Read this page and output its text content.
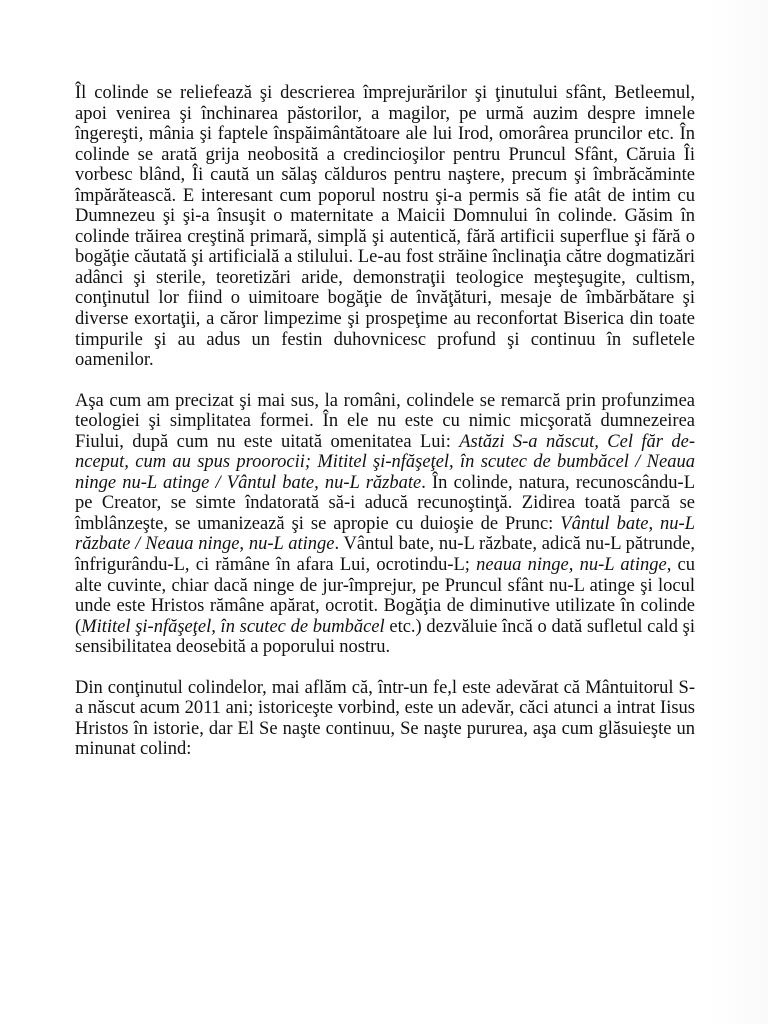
Îl colinde se reliefează şi descrierea împrejurărilor şi ţinutului sfânt, Betleemul, apoi venirea şi închinarea păstorilor, a magilor, pe urmă auzim despre imnele îngereşti, mânia şi faptele înspăimântătoare ale lui Irod, omorârea pruncilor etc. În colinde se arată grija neobosită a credincioşilor pentru Pruncul Sfânt, Căruia Îi vorbesc blând, Îi caută un sălaş călduros pentru naştere, precum şi îmbrăcăminte împărătească. E interesant cum poporul nostru şi-a permis să fie atât de intim cu Dumnezeu şi şi-a însuşit o maternitate a Maicii Domnului în colinde. Găsim în colinde trăirea creştină primară, simplă şi autentică, fără artificii superflue şi fără o bogăţie căutată şi artificială a stilului. Le-au fost străine înclinaţia către dogmatizări adânci şi sterile, teoretizări aride, demonstraţii teologice meşteşugite, cultism, conţinutul lor fiind o uimitoare bogăţie de învăţături, mesaje de îmbărbătare şi diverse exortaţii, a căror limpezime şi prospeţime au reconfortat Biserica din toate timpurile şi au adus un festin duhovnicesc profund şi continuu în sufletele oamenilor.

Aşa cum am precizat şi mai sus, la români, colindele se remarcă prin profunzimea teologiei şi simplitatea formei. În ele nu este cu nimic micşorată dumnezeirea Fiului, după cum nu este uitată omenitatea Lui: Astăzi S-a născut, Cel făr de-nceput, cum au spus proorocii; Mititel şi-nfăşeţel, în scutec de bumbăcel / Neaua ninge nu-L atinge / Vântul bate, nu-L răzbate. În colinde, natura, recunoscându-L pe Creator, se simte îndatorată să-i aducă recunoştinţă. Zidirea toată parcă se îmblânzeşte, se umanizează şi se apropie cu duioşie de Prunc: Vântul bate, nu-L răzbate / Neaua ninge, nu-L atinge. Vântul bate, nu-L răzbate, adică nu-L pătrunde, înfrigurându-L, ci rămâne în afara Lui, ocrotindu-L; neaua ninge, nu-L atinge, cu alte cuvinte, chiar dacă ninge de jur-împrejur, pe Pruncul sfânt nu-L atinge şi locul unde este Hristos rămâne apărat, ocrotit. Bogăţia de diminutive utilizate în colinde (Mititel şi-nfăşeţel, în scutec de bumbăcel etc.) dezvăluie încă o dată sufletul cald şi sensibilitatea deosebită a poporului nostru.

Din conţinutul colindelor, mai aflăm că, într-un fe,l este adevărat că Mântuitorul S-a născut acum 2011 ani; istoriceşte vorbind, este un adevăr, căci atunci a intrat Iisus Hristos în istorie, dar El Se naşte continuu, Se naşte pururea, aşa cum glăsuieşte un minunat colind:
